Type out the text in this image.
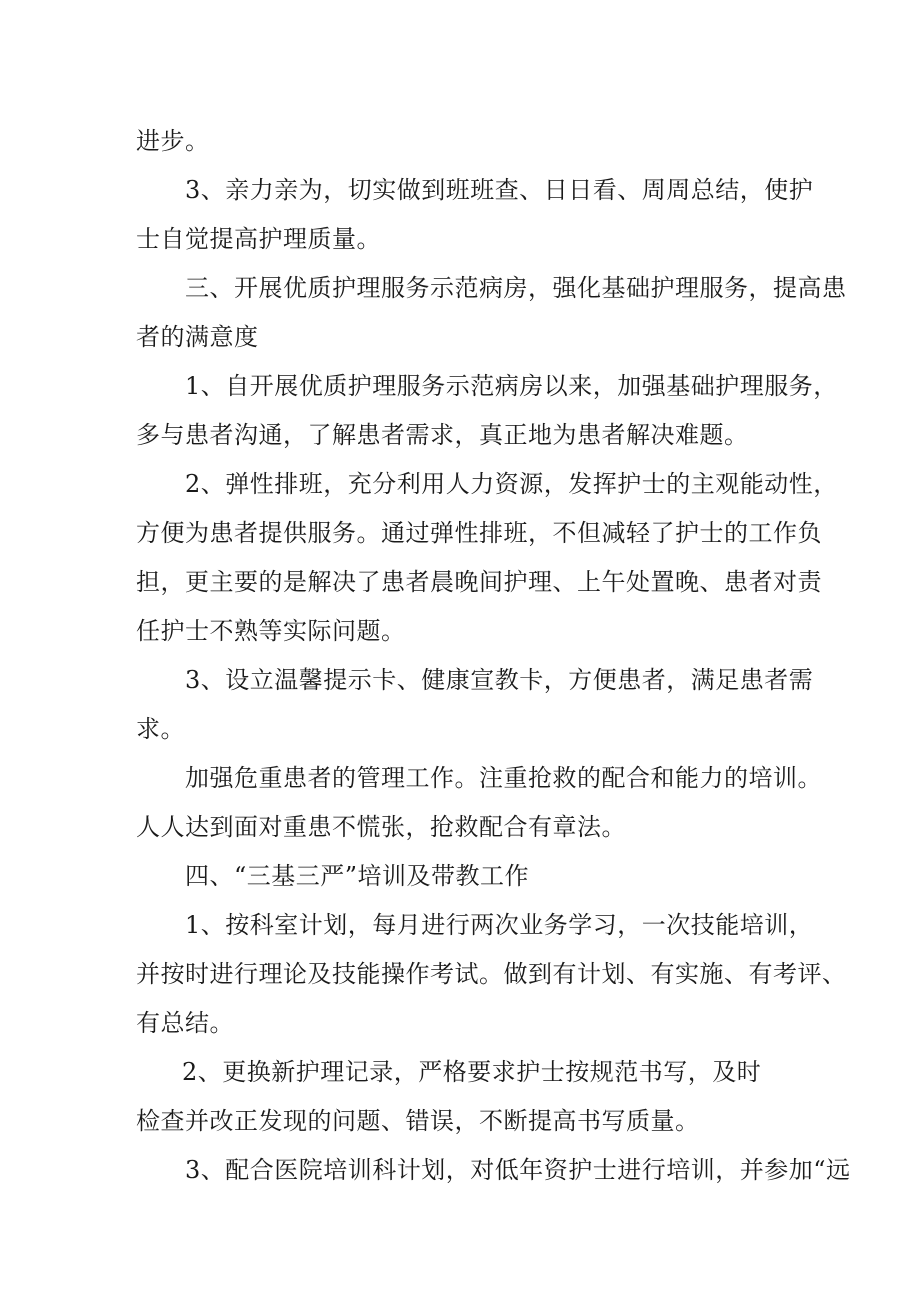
进步。
3、亲力亲为，切实做到班班查、日日看、周周总结，使护
士自觉提高护理质量。
三、开展优质护理服务示范病房，强化基础护理服务，提高患
者的满意度
1、自开展优质护理服务示范病房以来，加强基础护理服务，
多与患者沟通，了解患者需求，真正地为患者解决难题。
2、弹性排班，充分利用人力资源，发挥护士的主观能动性，
方便为患者提供服务。通过弹性排班，不但减轻了护士的工作负
担，更主要的是解决了患者晨晚间护理、上午处置晚、患者对责
任护士不熟等实际问题。
3、设立温馨提示卡、健康宣教卡，方便患者，满足患者需
求。
加强危重患者的管理工作。注重抢救的配合和能力的培训。
人人达到面对重患不慌张，抢救配合有章法。
四、“三基三严”培训及带教工作
1、按科室计划，每月进行两次业务学习，一次技能培训，
并按时进行理论及技能操作考试。做到有计划、有实施、有考评、
有总结。
2、更换新护理记录，严格要求护士按规范书写，及时
检查并改正发现的问题、错误，不断提高书写质量。
3、配合医院培训科计划，对低年资护士进行培训，并参加“远
